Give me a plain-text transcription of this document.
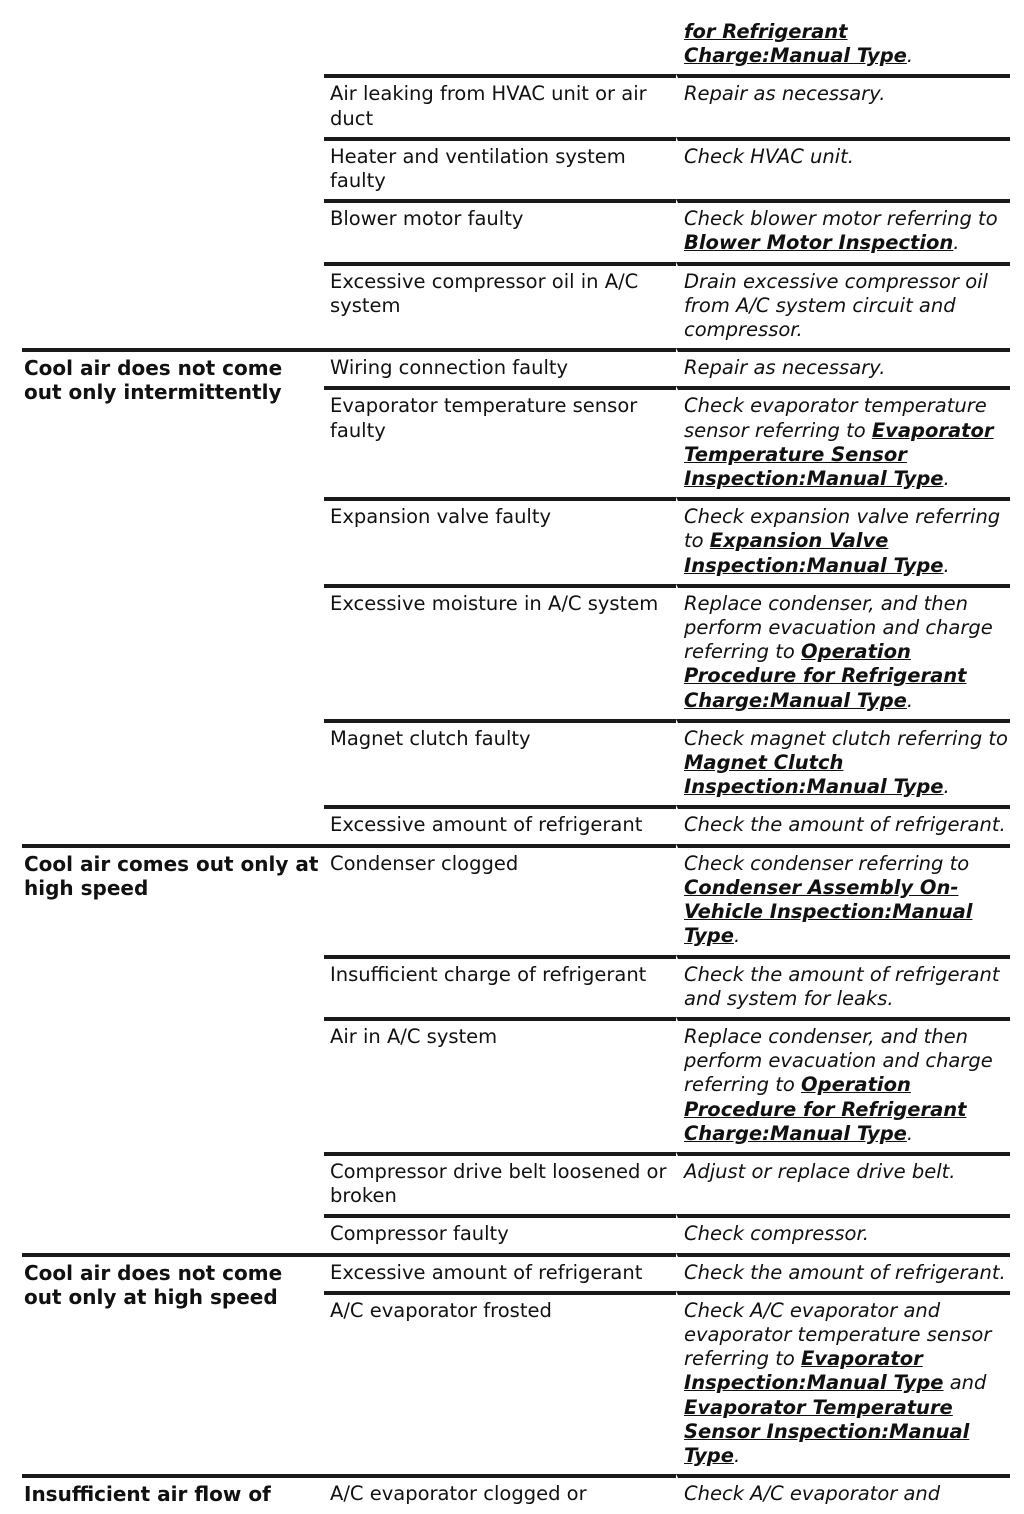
		for Refrigerant Charge:Manual Type.
	Air leaking from HVAC unit or air duct	Repair as necessary.
	Heater and ventilation system faulty	Check HVAC unit.
	Blower motor faulty	Check blower motor referring to Blower Motor Inspection.
	Excessive compressor oil in A/C system	Drain excessive compressor oil from A/C system circuit and compressor.
Cool air does not come out only intermittently	Wiring connection faulty	Repair as necessary.
	Evaporator temperature sensor faulty	Check evaporator temperature sensor referring to Evaporator Temperature Sensor Inspection:Manual Type.
	Expansion valve faulty	Check expansion valve referring to Expansion Valve Inspection:Manual Type.
	Excessive moisture in A/C system	Replace condenser, and then perform evacuation and charge referring to Operation Procedure for Refrigerant Charge:Manual Type.
	Magnet clutch faulty	Check magnet clutch referring to Magnet Clutch Inspection:Manual Type.
	Excessive amount of refrigerant	Check the amount of refrigerant.
Cool air comes out only at high speed	Condenser clogged	Check condenser referring to Condenser Assembly On-Vehicle Inspection:Manual Type.
	Insufficient charge of refrigerant	Check the amount of refrigerant and system for leaks.
	Air in A/C system	Replace condenser, and then perform evacuation and charge referring to Operation Procedure for Refrigerant Charge:Manual Type.
	Compressor drive belt loosened or broken	Adjust or replace drive belt.
	Compressor faulty	Check compressor.
Cool air does not come out only at high speed	Excessive amount of refrigerant	Check the amount of refrigerant.
	A/C evaporator frosted	Check A/C evaporator and evaporator temperature sensor referring to Evaporator Inspection:Manual Type and Evaporator Temperature Sensor Inspection:Manual Type.
Insufficient air flow of	A/C evaporator clogged or	Check A/C evaporator and
